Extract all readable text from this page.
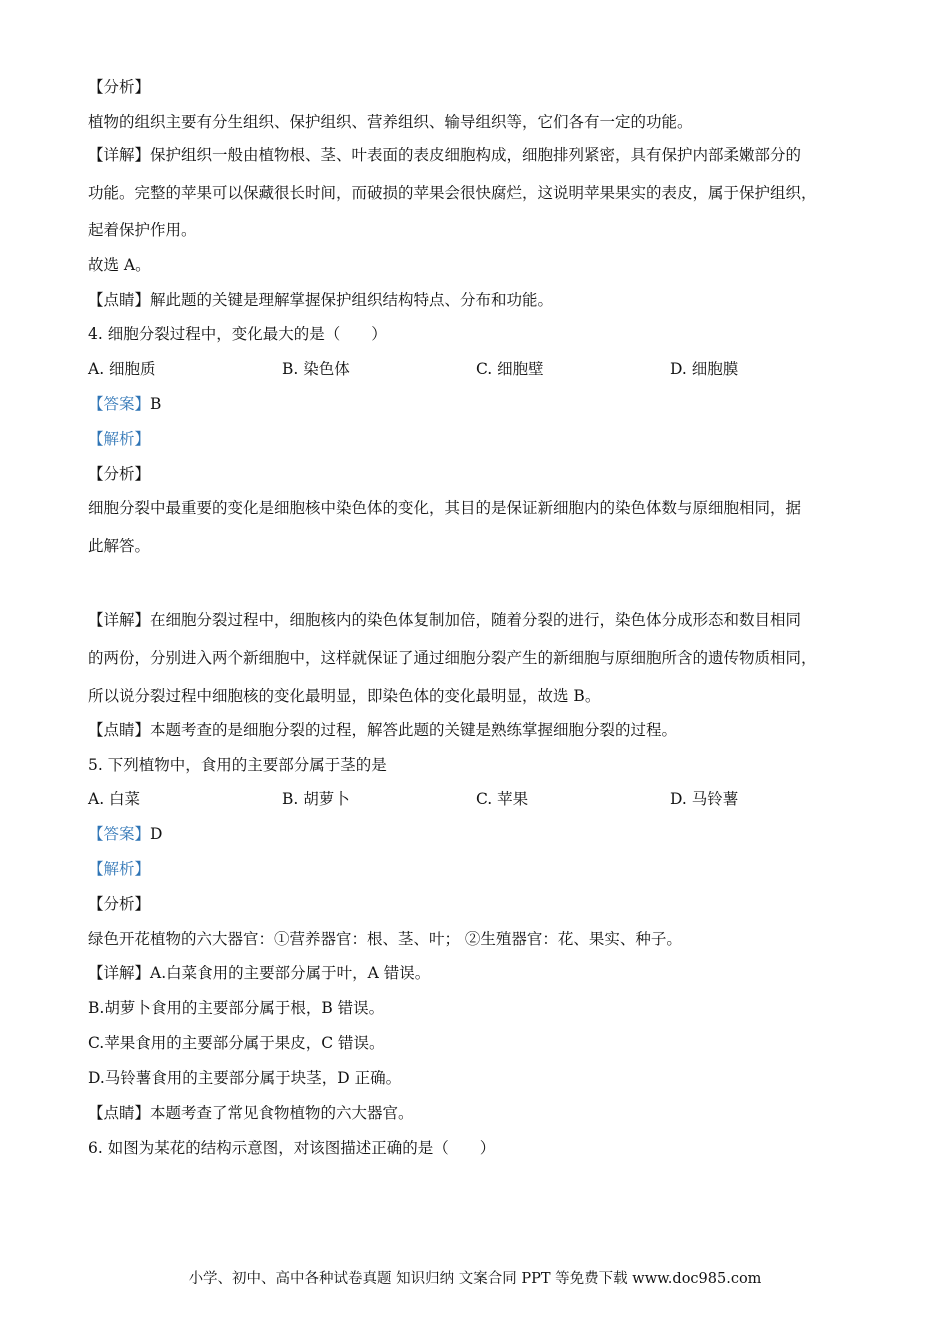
【分析】
植物的组织主要有分生组织、保护组织、营养组织、输导组织等，它们各有一定的功能。
【详解】保护组织一般由植物根、茎、叶表面的表皮细胞构成，细胞排列紧密，具有保护内部柔嫩部分的
功能。完整的苹果可以保藏很长时间，而破损的苹果会很快腐烂，这说明苹果果实的表皮，属于保护组织，
起着保护作用。
故选 A。
【点睛】解此题的关键是理解掌握保护组织结构特点、分布和功能。
4. 细胞分裂过程中，变化最大的是（　　）
A. 细胞质	B. 染色体	C. 细胞壁	D. 细胞膜
【答案】B
【解析】
【分析】
细胞分裂中最重要的变化是细胞核中染色体的变化，其目的是保证新细胞内的染色体数与原细胞相同，据
此解答。
【详解】在细胞分裂过程中，细胞核内的染色体复制加倍，随着分裂的进行，染色体分成形态和数目相同
的两份，分别进入两个新细胞中，这样就保证了通过细胞分裂产生的新细胞与原细胞所含的遗传物质相同，
所以说分裂过程中细胞核的变化最明显，即染色体的变化最明显，故选 B。
【点睛】本题考查的是细胞分裂的过程，解答此题的关键是熟练掌握细胞分裂的过程。
5. 下列植物中，食用的主要部分属于茎的是
A. 白菜	B. 胡萝卜	C. 苹果	D. 马铃薯
【答案】D
【解析】
【分析】
绿色开花植物的六大器官：①营养器官：根、茎、叶； ②生殖器官：花、果实、种子。
【详解】A.白菜食用的主要部分属于叶，A 错误。
B.胡萝卜食用的主要部分属于根，B 错误。
C.苹果食用的主要部分属于果皮，C 错误。
D.马铃薯食用的主要部分属于块茎，D 正确。
【点睛】本题考查了常见食物植物的六大器官。
6. 如图为某花的结构示意图，对该图描述正确的是（　　）
小学、初中、高中各种试卷真题 知识归纳 文案合同 PPT 等免费下载 www.doc985.com
